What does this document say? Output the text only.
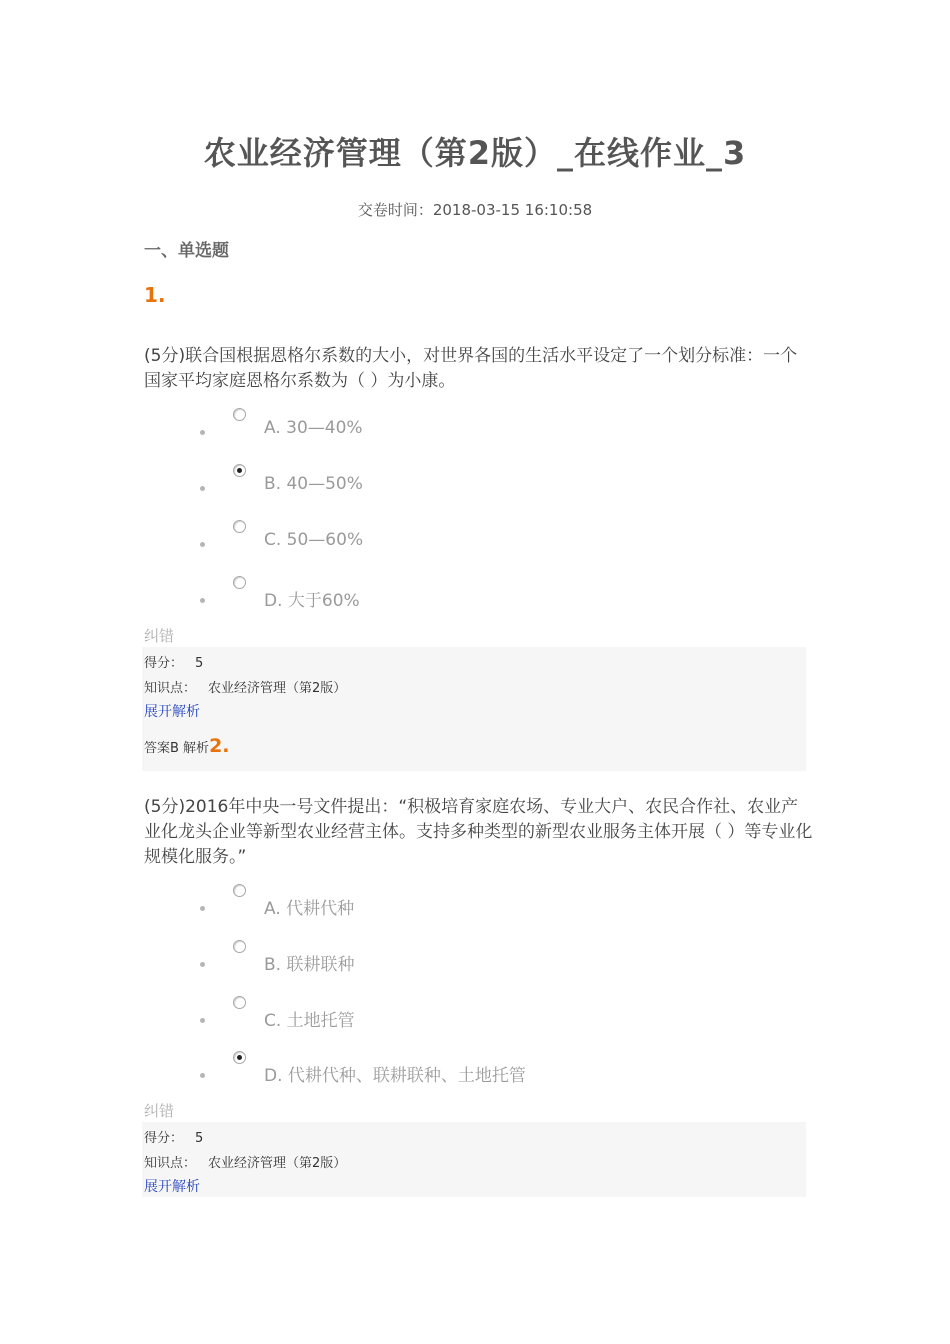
农业经济管理（第2版）_在线作业_3
交卷时间：2018-03-15 16:10:58
一、单选题
1.
(5分)联合国根据恩格尔系数的大小，对世界各国的生活水平设定了一个划分标准：一个国家平均家庭恩格尔系数为（ ）为小康。
A. 30—40%
B. 40—50%
C. 50—60%
D. 大于60%
纠错
得分： 5
知识点： 农业经济管理（第2版）
展开解析
答案B 解析2.
(5分)2016年中央一号文件提出：“积极培育家庭农场、专业大户、农民合作社、农业产业化龙头企业等新型农业经营主体。支持多种类型的新型农业服务主体开展（ ）等专业化规模化服务。”
A. 代耕代种
B. 联耕联种
C. 土地托管
D. 代耕代种、联耕联种、土地托管
纠错
得分： 5
知识点： 农业经济管理（第2版）
展开解析
